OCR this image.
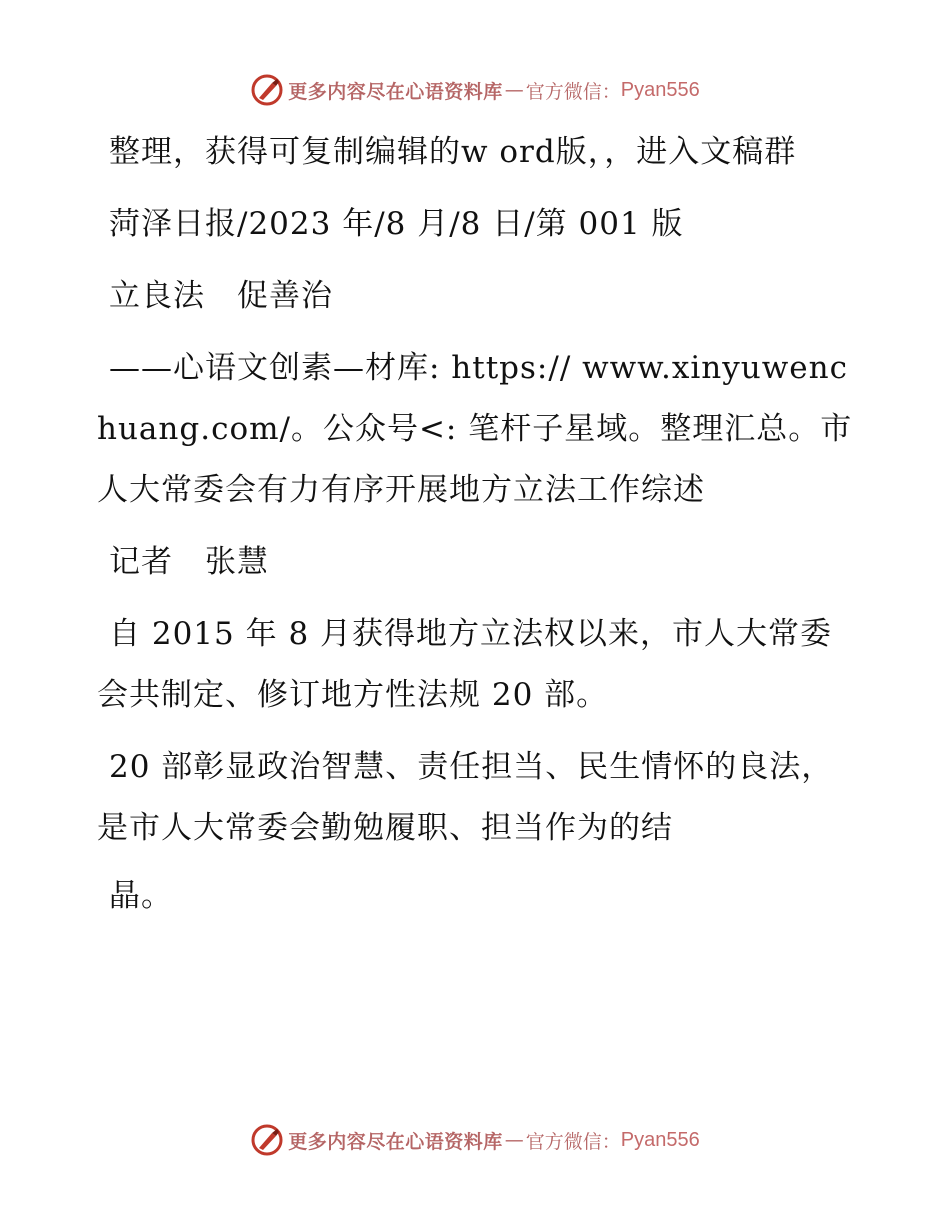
更多内容尽在心语资料库 — 官方微信： Pyan556

整理，获得可复制编辑的w ord版，，进入文稿群

菏泽日报/2023 年/8 月/8 日/第 001 版

立良法　促善治

——心语文创素—材库: https:// www.xinyuwenchuang.com/。公众号<: 笔杆子星域。整理汇总。市人大常委会有力有序开展地方立法工作综述

记者　张慧

自 2015 年 8 月获得地方立法权以来，市人大常委会共制定、修订地方性法规 20 部。

20 部彰显政治智慧、责任担当、民生情怀的良法，是市人大常委会勤勉履职、担当作为的结

晶。

更多内容尽在心语资料库 — 官方微信： Pyan556
